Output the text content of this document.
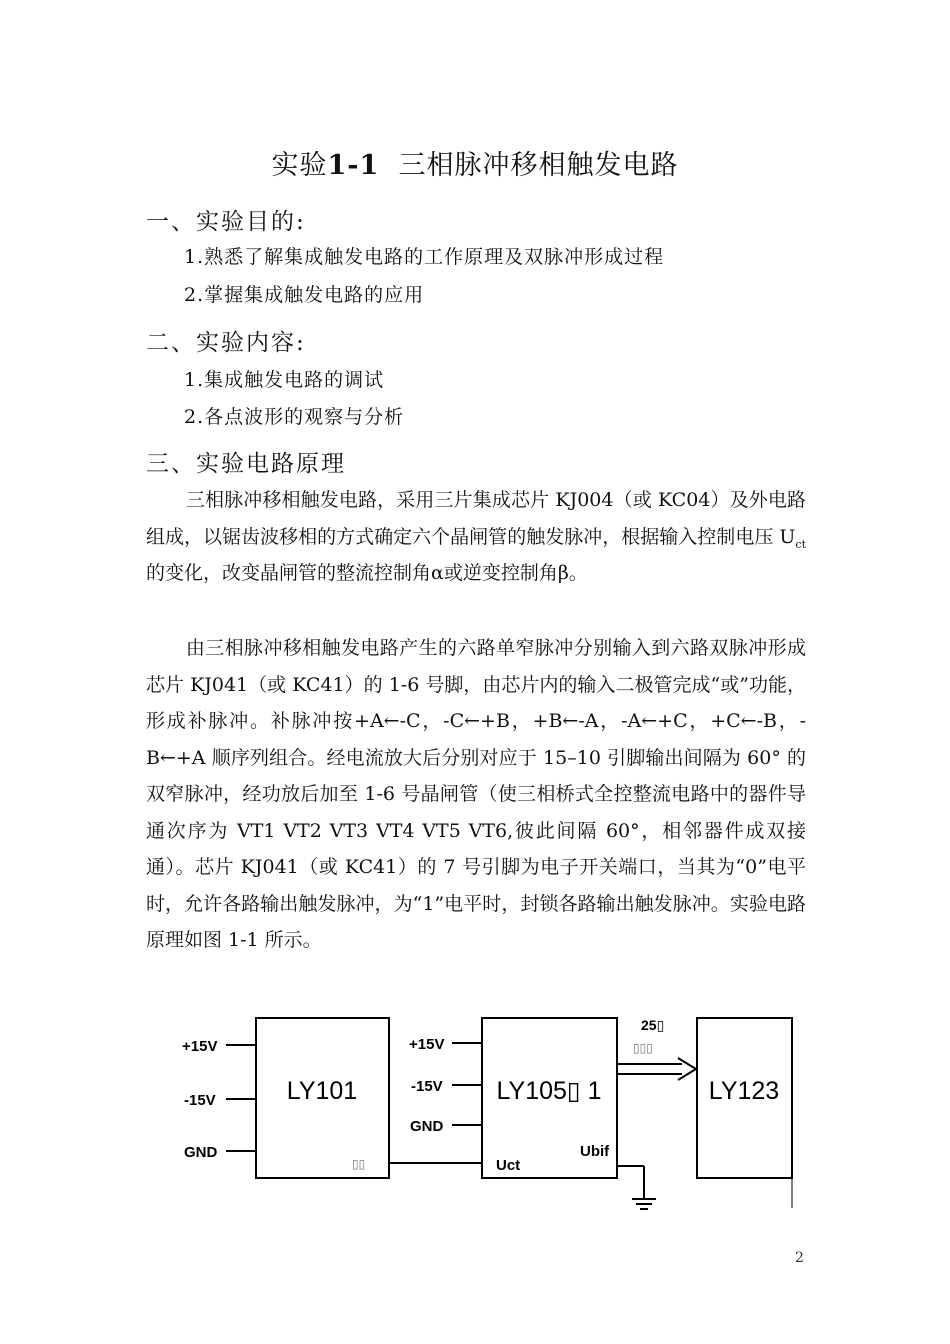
实验1-1 三相脉冲移相触发电路
一、实验目的:
1.熟悉了解集成触发电路的工作原理及双脉冲形成过程
2.掌握集成触发电路的应用
二、实验内容:
1.集成触发电路的调试
2.各点波形的观察与分析
三、实验电路原理

三相脉冲移相触发电路，采用三片集成芯片 KJ004（或 KC04）及外电路组成，以锯齿波移相的方式确定六个晶闸管的触发脉冲，根据输入控制电压 $U_{ct}$的变化，改变晶闸管的整流控制角α或逆变控制角β。

由三相脉冲移相触发电路产生的六路单窄脉冲分别输入到六路双脉冲形成芯片 KJ041（或 KC41）的 1-6 号脚，由芯片内的输入二极管完成“或”功能，形成补脉冲。补脉冲按+A←-C，-C←+B，+B←-A，-A←+C，+C←-B，-B←+A 顺序列组合。经电流放大后分别对应于 15–10 引脚输出间隔为 60° 的双窄脉冲，经功放后加至 1-6 号晶闸管（使三相桥式全控整流电路中的器件导通次序为 VT1 VT2 VT3 VT4 VT5 VT6,彼此间隔 60°，相邻器件成双接通）。芯片 KJ041（或 KC41）的 7 号引脚为电子开关端口，当其为“0”电平时，允许各路输出触发脉冲，为“1”电平时，封锁各路输出触发脉冲。实验电路原理如图 1-1 所示。

LY101
▯▯
+15V
-15V
GND
LY105▯ 1
+15V
-15V
GND
Uct
Ubif
25▯
▯▯▯
LY123
2
